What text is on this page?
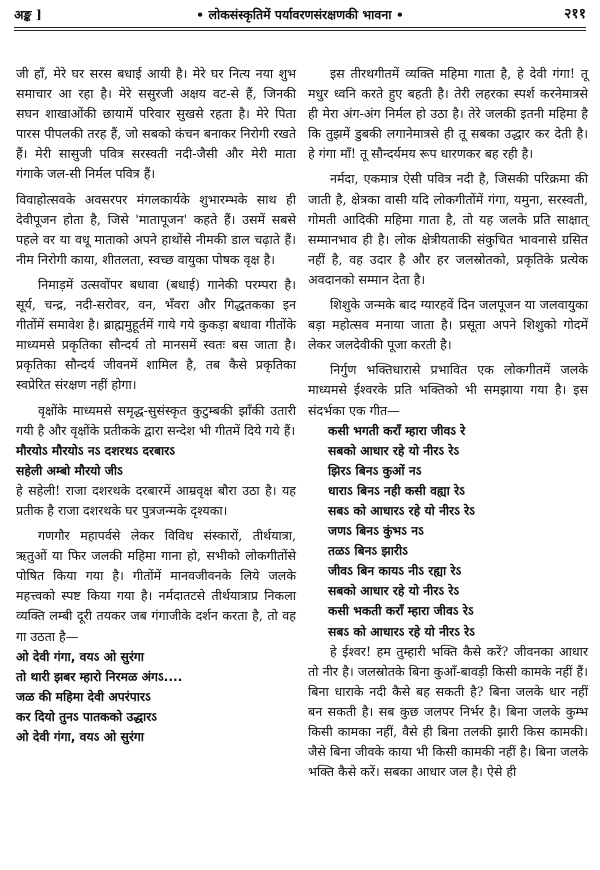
अङ्क ]	• लोकसंस्कृतिमें पर्यावरणसंरक्षणकी भावना •	२११

जी हाँ, मेरे घर सरस बधाई आयी है। मेरे घर नित्य नया शुभ समाचार आ रहा है। मेरे ससुरजी अक्षय वट-से हैं, जिनकी सघन शाखाओंकी छायामें परिवार सुखसे रहता है। मेरे पिता पारस पीपलकी तरह हैं, जो सबको कंचन बनाकर निरोगी रखते हैं। मेरी सासुजी पवित्र सरस्वती नदी-जैसी और मेरी माता गंगाके जल-सी निर्मल पवित्र हैं।

विवाहोत्सवके अवसरपर मंगलकार्यके शुभारम्भके साथ ही देवीपूजन होता है, जिसे 'मातापूजन' कहते हैं। उसमें सबसे पहले वर या वधू माताको अपने हाथोंसे नीमकी डाल चढ़ाते हैं। नीम निरोगी काया, शीतलता, स्वच्छ वायुका पोषक वृक्ष है।

निमाड़में उत्सवोंपर बधावा (बधाई) गानेकी परम्परा है। सूर्य, चन्द्र, नदी-सरोवर, वन, भँवरा और गिद्धतकका इन गीतोंमें समावेश है। ब्राह्ममुहूर्तमें गाये गये कुकड़ा बधावा गीतोंके माध्यमसे प्रकृतिका सौन्दर्य तो मानसमें स्वतः बस जाता है। प्रकृतिका सौन्दर्य जीवनमें शामिल है, तब कैसे प्रकृतिका स्वप्रेरित संरक्षण नहीं होगा।

वृक्षोंके माध्यमसे समृद्ध-सुसंस्कृत कुटुम्बकी झाँकी उतारी गयी है और वृक्षोंके प्रतीकके द्वारा सन्देश भी गीतमें दिये गये हैं।

मौरयोऽ मौरयोऽ नऽ दशरथऽ दरबारऽ
सहेली अम्बो मौरयो जीऽ

हे सहेली! राजा दशरथके दरबारमें आम्रवृक्ष बौरा उठा है। यह प्रतीक है राजा दशरथके घर पुत्रजन्मके दृश्यका।

गणगौर महापर्वसे लेकर विविध संस्कारों, तीर्थयात्रा, ऋतुओं या फिर जलकी महिमा गाना हो, सभीको लोकगीतोंसे पोषित किया गया है। गीतोंमें मानवजीवनके लिये जलके महत्त्वको स्पष्ट किया गया है। नर्मदातटसे तीर्थयात्राप्र निकला व्यक्ति लम्बी दूरी तयकर जब गंगाजीके दर्शन करता है, तो वह गा उठता है—

ओ देवी गंगा, वयऽ ओ सुरंगा
तो थारी झबर म्हारो निरमळ अंगऽ....
जळ की महिमा देवी अपरंपारऽ
कर दियो तुनऽ पातकको उद्धारऽ
ओ देवी गंगा, वयऽ ओ सुरंगा

इस तीरथगीतमें व्यक्ति महिमा गाता है, हे देवी गंगा! तू मधुर ध्वनि करते हुए बहती है। तेरी लहरका स्पर्श करनेमात्रसे ही मेरा अंग-अंग निर्मल हो उठा है। तेरे जलकी इतनी महिमा है कि तुझमें डुबकी लगानेमात्रसे ही तू सबका उद्धार कर देती है। हे गंगा माँ! तू सौन्दर्यमय रूप धारणकर बह रही है।

नर्मदा, एकमात्र ऐसी पवित्र नदी है, जिसकी परिक्रमा की जाती है, क्षेत्रका वासी यदि लोकगीतोंमें गंगा, यमुना, सरस्वती, गोमती आदिकी महिमा गाता है, तो यह जलके प्रति साक्षात् सम्मानभाव ही है। लोक क्षेत्रीयताकी संकुचित भावनासे ग्रसित नहीं है, वह उदार है और हर जलस्रोतको, प्रकृतिके प्रत्येक अवदानको सम्मान देता है।

शिशुके जन्मके बाद ग्यारहवें दिन जलपूजन या जलवायुका बड़ा महोत्सव मनाया जाता है। प्रसूता अपने शिशुको गोदमें लेकर जलदेवीकी पूजा करती है।

निर्गुण भक्तिधारासे प्रभावित एक लोकगीतमें जलके माध्यमसे ईश्वरके प्रति भक्तिको भी समझाया गया है। इस संदर्भका एक गीत—

कसी भगती कराँ म्हारा जीवऽ रे
सबको आधार रहे यो नीरऽ रेऽ
झिरऽ बिनऽ कुओं नऽ
धाराऽ बिनऽ नही कसी वह्या रेऽ
सबऽ को आधारऽ रहे यो नीरऽ रेऽ
जणऽ बिनऽ कुंभऽ नऽ
तळऽ बिनऽ झारीऽ
जीवऽ बिन कायऽ नीऽ रह्या रेऽ
सबको आधार रहे यो नीरऽ रेऽ
कसी भकती कराँ म्हारा जीवऽ रेऽ
सबऽ को आधारऽ रहे यो नीरऽ रेऽ

हे ईश्वर! हम तुम्हारी भक्ति कैसे करें? जीवनका आधार तो नीर है। जलस्रोतके बिना कुआँ-बावड़ी किसी कामके नहीं हैं। बिना धाराके नदी कैसे बह सकती है? बिना जलके धार नहीं बन सकती है। सब कुछ जलपर निर्भर है। बिना जलके कुम्भ किसी कामका नहीं, वैसे ही बिना तलकी झारी किस कामकी। जैसे बिना जीवके काया भी किसी कामकी नहीं है। बिना जलके भक्ति कैसे करें। सबका आधार जल है। ऐसे ही
